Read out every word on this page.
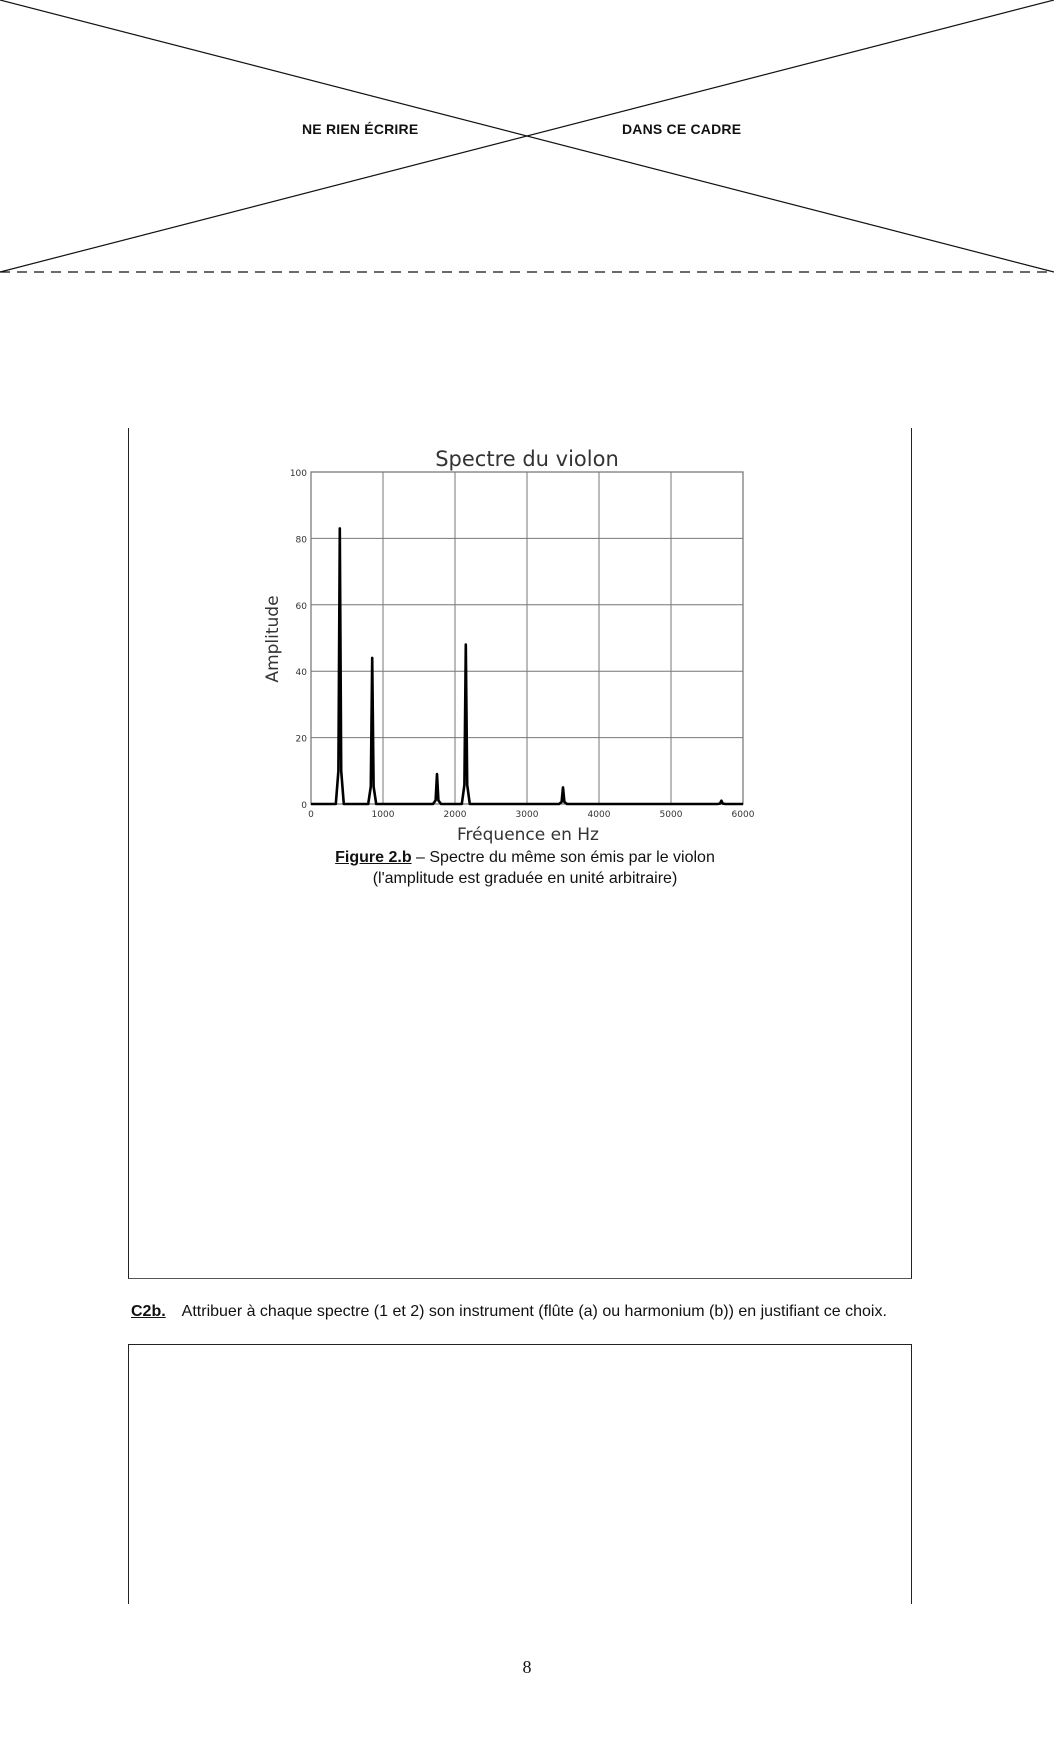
NE RIEN ÉCRIRE	DANS CE CADRE
Spectre du violon
Amplitude
Fréquence en Hz
0	1000	2000	3000	4000	5000	6000
0
20
40
60
80
100
Figure 2.b – Spectre du même son émis par le violon
(l'amplitude est graduée en unité arbitraire)
C2b. Attribuer à chaque spectre (1 et 2) son instrument (flûte (a) ou harmonium (b)) en justifiant ce choix.
8
